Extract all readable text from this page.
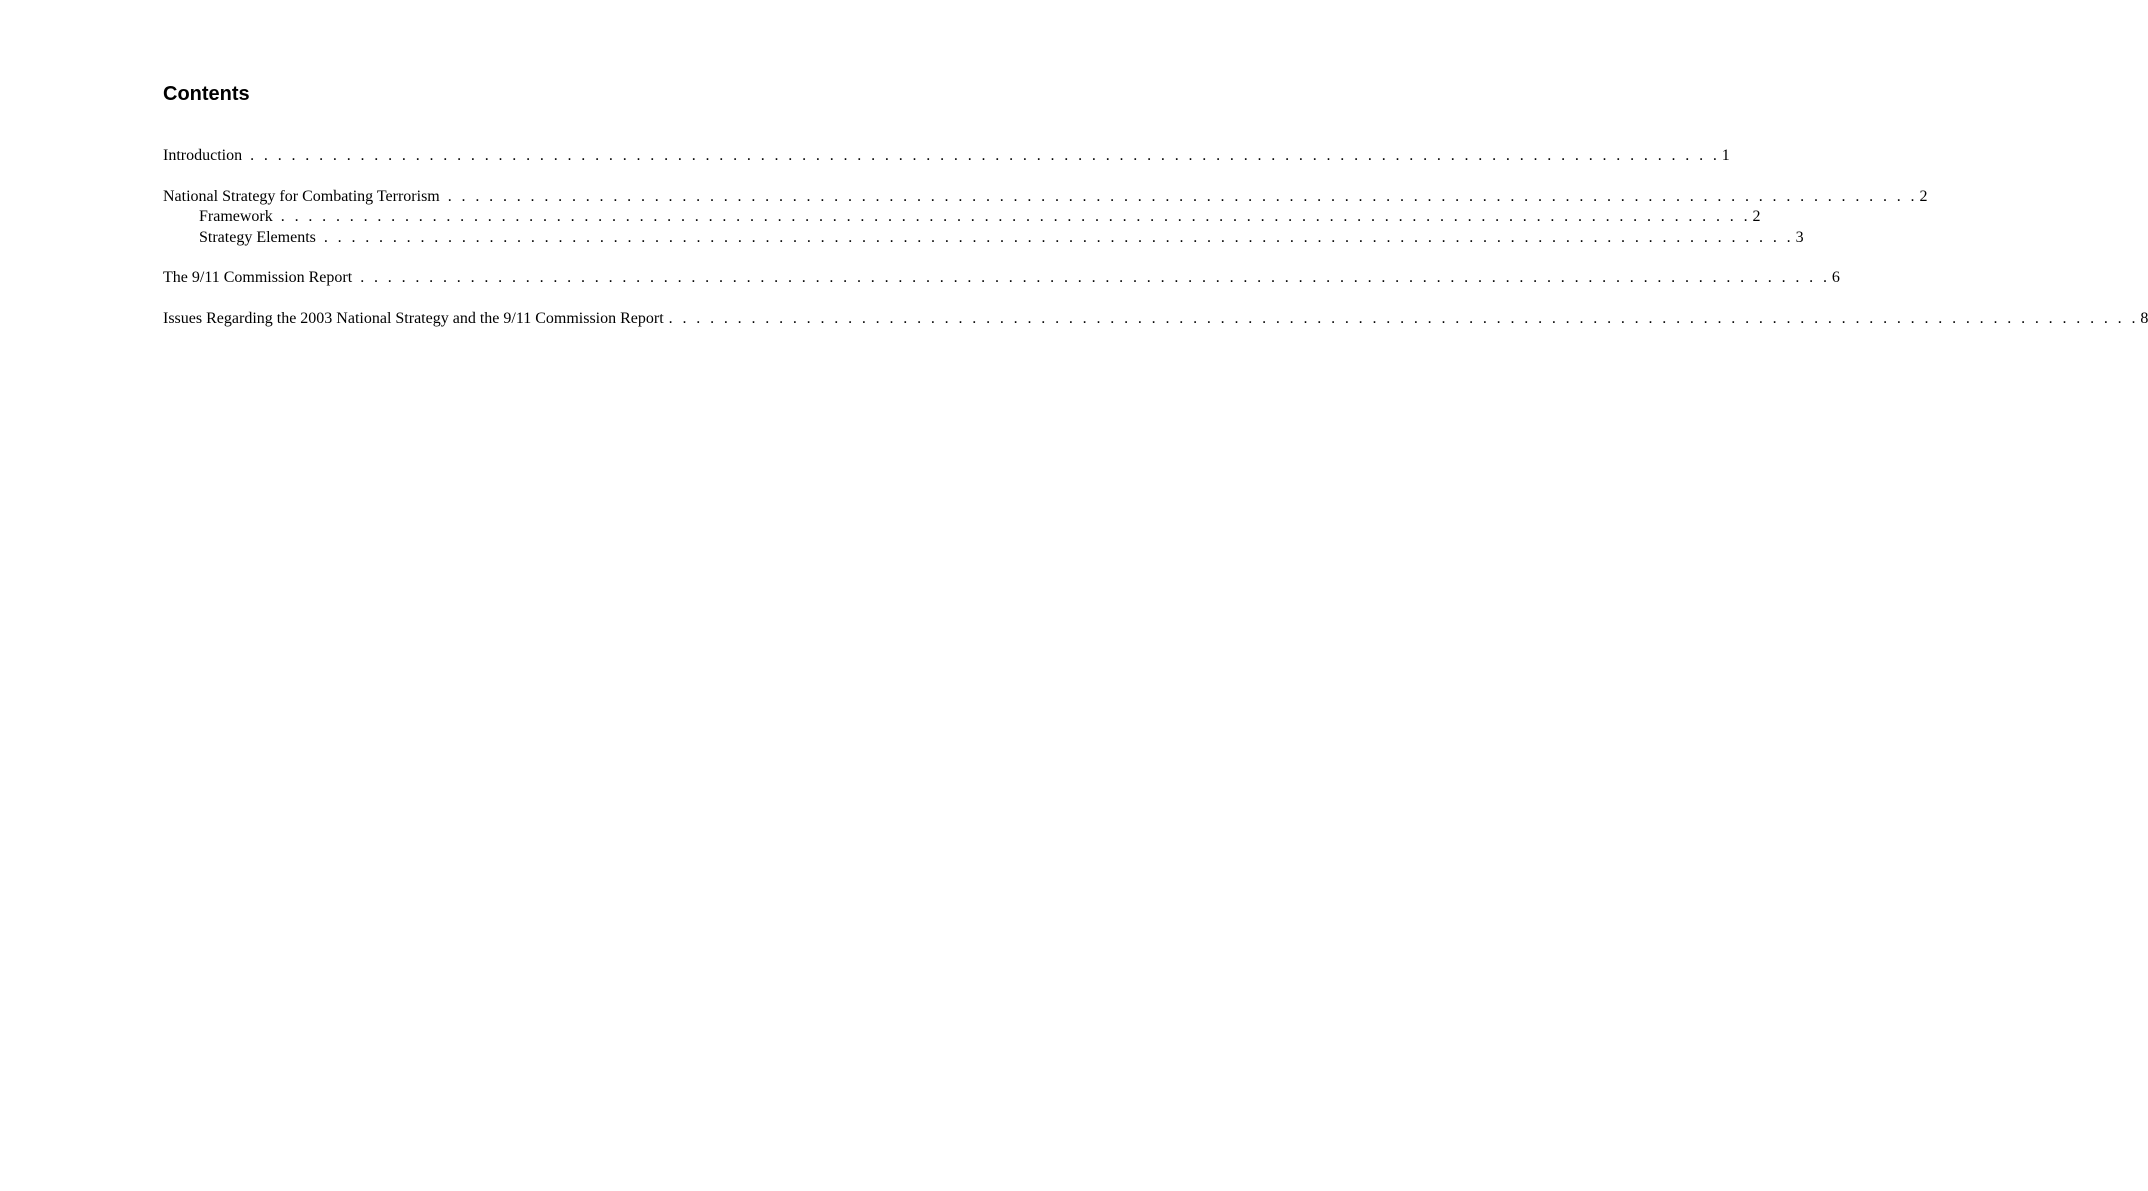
Contents
Introduction . . . . . . . . . . . . . . . . . . . . . . . . . . . . . . . . . . . . . . . . . . . . . . . . . . . . . . . . . . . . . . . . . . . . . . . . . . . . . . . . . . . . . . . . . . . . . . . . . . . . . . . . . . . 1
National Strategy for Combating Terrorism . . . . . . . . . . . . . . . . . . . . . . . . . . . . . . . . . . . . . . . . . . . . . . . . . . . . . . . . . . . . . . . . . . . . . . . . . . . . . . . . . . . . . . . . . . . . . . . . . . . . . . . . . . . 2
Framework . . . . . . . . . . . . . . . . . . . . . . . . . . . . . . . . . . . . . . . . . . . . . . . . . . . . . . . . . . . . . . . . . . . . . . . . . . . . . . . . . . . . . . . . . . . . . . . . . . . . . . . . . . . 2
Strategy Elements . . . . . . . . . . . . . . . . . . . . . . . . . . . . . . . . . . . . . . . . . . . . . . . . . . . . . . . . . . . . . . . . . . . . . . . . . . . . . . . . . . . . . . . . . . . . . . . . . . . . . . . . . . . 3
The 9/11 Commission Report . . . . . . . . . . . . . . . . . . . . . . . . . . . . . . . . . . . . . . . . . . . . . . . . . . . . . . . . . . . . . . . . . . . . . . . . . . . . . . . . . . . . . . . . . . . . . . . . . . . . . . . . . . . 6
Issues Regarding the 2003 National Strategy and the 9/11 Commission Report . . . . . . . . . . . . . . . . . . . . . . . . . . . . . . . . . . . . . . . . . . . . . . . . . . . . . . . . . . . . . . . . . . . . . . . . . . . . . . . . . . . . . . . . . . . . . . . . . . . . . . . . . . . 8
